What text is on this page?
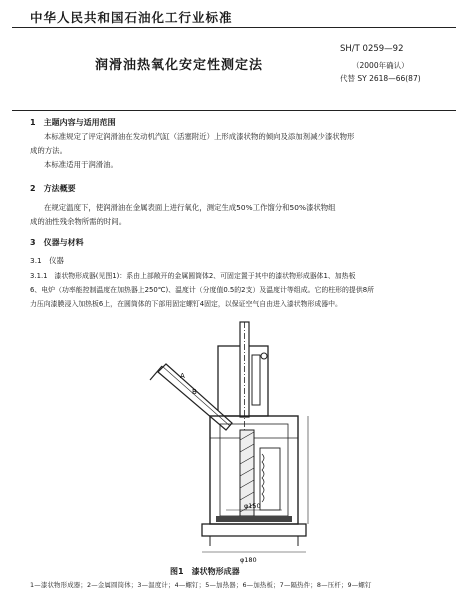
中华人民共和国石油化工行业标准
润滑油热氧化安定性测定法
SH/T 0259—92
（2000年确认）
代替 SY 2618—66(87)
1　主题内容与适用范围
本标准规定了评定润滑油在发动机汽缸（活塞附近）上形成漆状物的倾向及添加剂减少漆状物形
成的方法。
本标准适用于润滑油。
2　方法概要
在规定温度下，使润滑油在金属表面上进行氧化，测定生成50%工作馏分和50%漆状物组
成的油性残余物所需的时间。
3　仪器与材料
3.1　仪器
3.1.1　漆状物形成器(见图1)：系由上部敞开的金属圆筒体2、可固定置于其中的漆状物形成器体1、加热板
6、电炉（功率能控制温度在加热器上250℃)、温度计（分度值0.5的2支）及温度计等组成。它的柱形的提供8所
力压向漆膜浸入加热板6上，在圆筒体的下部用固定螺钉4固定，以保证空气自由进入漆状物形成器中。
A
B
φ150
φ180
图1　漆状物形成器
1—漆状物形成器；2—金属圆筒体；3—温度计；4—螺钉；5—加热器；6—加热板；7—隔热件；8—压杆；9—螺钉
